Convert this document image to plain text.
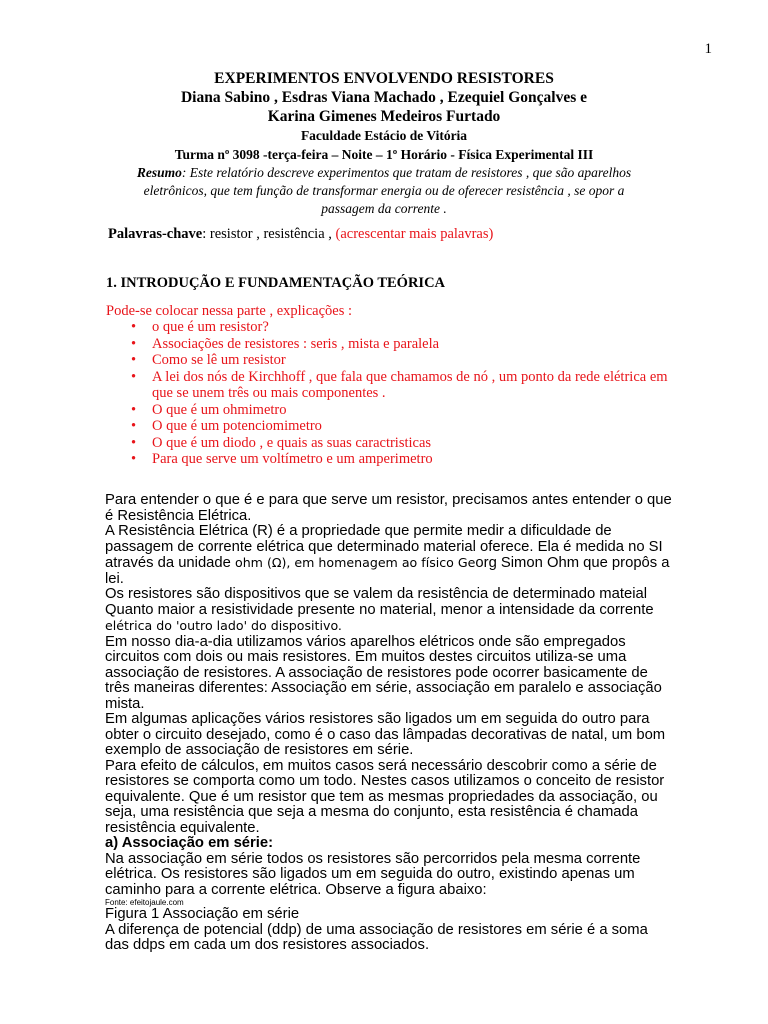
1
EXPERIMENTOS ENVOLVENDO RESISTORES
Diana Sabino , Esdras Viana Machado , Ezequiel Gonçalves e
Karina Gimenes Medeiros Furtado
Faculdade Estácio de Vitória
Turma nº 3098 -terça-feira – Noite – 1º Horário - Física Experimental III
Resumo: Este relatório descreve experimentos que tratam de resistores , que são aparelhos eletrônicos, que tem função de transformar energia ou de oferecer resistência , se opor a passagem da corrente .
Palavras-chave: resistor , resistência , (acrescentar mais palavras)
1. INTRODUÇÃO E FUNDAMENTAÇÃO TEÓRICA
Pode-se colocar nessa parte , explicações :
• o que é um resistor?
• Associações de resistores : seris , mista e paralela
• Como se lê um resistor
• A lei dos nós de Kirchhoff , que fala que chamamos de nó , um ponto da rede elétrica em que se unem três ou mais componentes .
• O que é um ohmimetro
• O que é um potenciomimetro
• O que é um diodo , e quais as suas caractristicas
• Para que serve um voltímetro e um amperimetro

Para entender o que é e para que serve um resistor, precisamos antes entender o que é Resistência Elétrica.

A Resistência Elétrica (R) é a propriedade que permite medir a dificuldade de passagem de corrente elétrica que determinado material oferece. Ela é medida no SI através da unidade ohm (Ω), em homenagem ao físico Georg Simon Ohm que propôs a lei.

Os resistores são dispositivos que se valem da resistência de determinado mateial

Quanto maior a resistividade presente no material, menor a intensidade da corrente elétrica do 'outro lado' do dispositivo.

Em nosso dia-a-dia utilizamos vários aparelhos elétricos onde são empregados circuitos com dois ou mais resistores. Em muitos destes circuitos utiliza-se uma associação de resistores. A associação de resistores pode ocorrer basicamente de três maneiras diferentes: Associação em série, associação em paralelo e associação mista.

Em algumas aplicações vários resistores são ligados um em seguida do outro para obter o circuito desejado, como é o caso das lâmpadas decorativas de natal, um bom exemplo de associação de resistores em série.

Para efeito de cálculos, em muitos casos será necessário descobrir como a série de resistores se comporta como um todo. Nestes casos utilizamos o conceito de resistor equivalente. Que é um resistor que tem as mesmas propriedades da associação, ou seja, uma resistência que seja a mesma do conjunto, esta resistência é chamada resistência equivalente.

a) Associação em série:

Na associação em série todos os resistores são percorridos pela mesma corrente elétrica. Os resistores são ligados um em seguida do outro, existindo apenas um caminho para a corrente elétrica. Observe a figura abaixo:

Fonte: efeitojaule.com

Figura 1 Associação em série

A diferença de potencial (ddp) de uma associação de resistores em série é a soma das ddps em cada um dos resistores associados.
